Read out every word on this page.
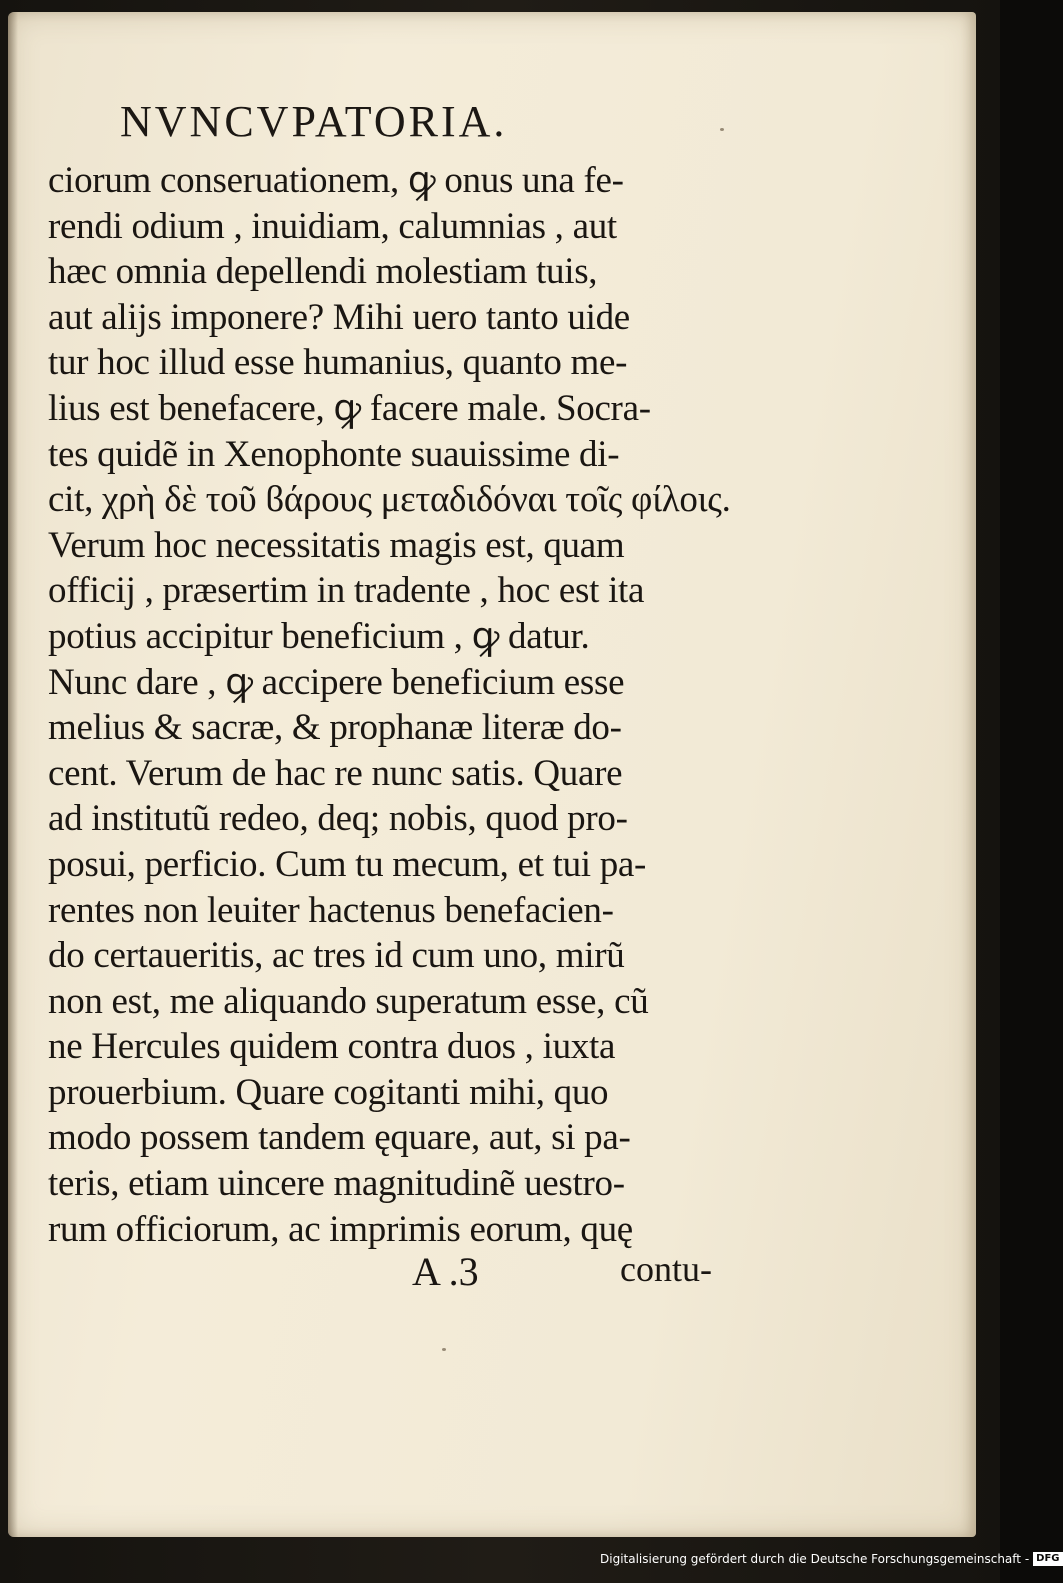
NVNCVPATORIA.
ciorum conseruationem, ꝙ onus una fe-
rendi odium , inuidiam, calumnias , aut
hæc omnia depellendi molestiam tuis,
aut alijs imponere? Mihi uero tanto uide
tur hoc illud esse humanius, quanto me-
lius est benefacere, ꝙ facere male. Socra-
tes quidẽ in Xenophonte suauissime di-
cit, χρὴ δὲ τοῦ ϐάρους μεταδιδόναι τοῖς φίλοις.
Verum hoc necessitatis magis est, quam
officij , præsertim in tradente , hoc est ita
potius accipitur beneficium , ꝙ datur.
Nunc dare , ꝙ accipere beneficium esse
melius & sacræ, & prophanæ literæ do-
cent. Verum de hac re nunc satis. Quare
ad institutũ redeo, deq; nobis, quod pro-
posui, perficio. Cum tu mecum, et tui pa-
rentes non leuiter hactenus benefacien-
do certaueritis, ac tres id cum uno, mirũ
non est, me aliquando superatum esse, cũ
ne Hercules quidem contra duos , iuxta
prouerbium. Quare cogitanti mihi, quo
modo possem tandem ęquare, aut, si pa-
teris, etiam uincere magnitudinẽ uestro-
rum officiorum, ac imprimis eorum, quę
A .3	contu-
Digitalisierung gefördert durch die Deutsche Forschungsgemeinschaft - DFG
